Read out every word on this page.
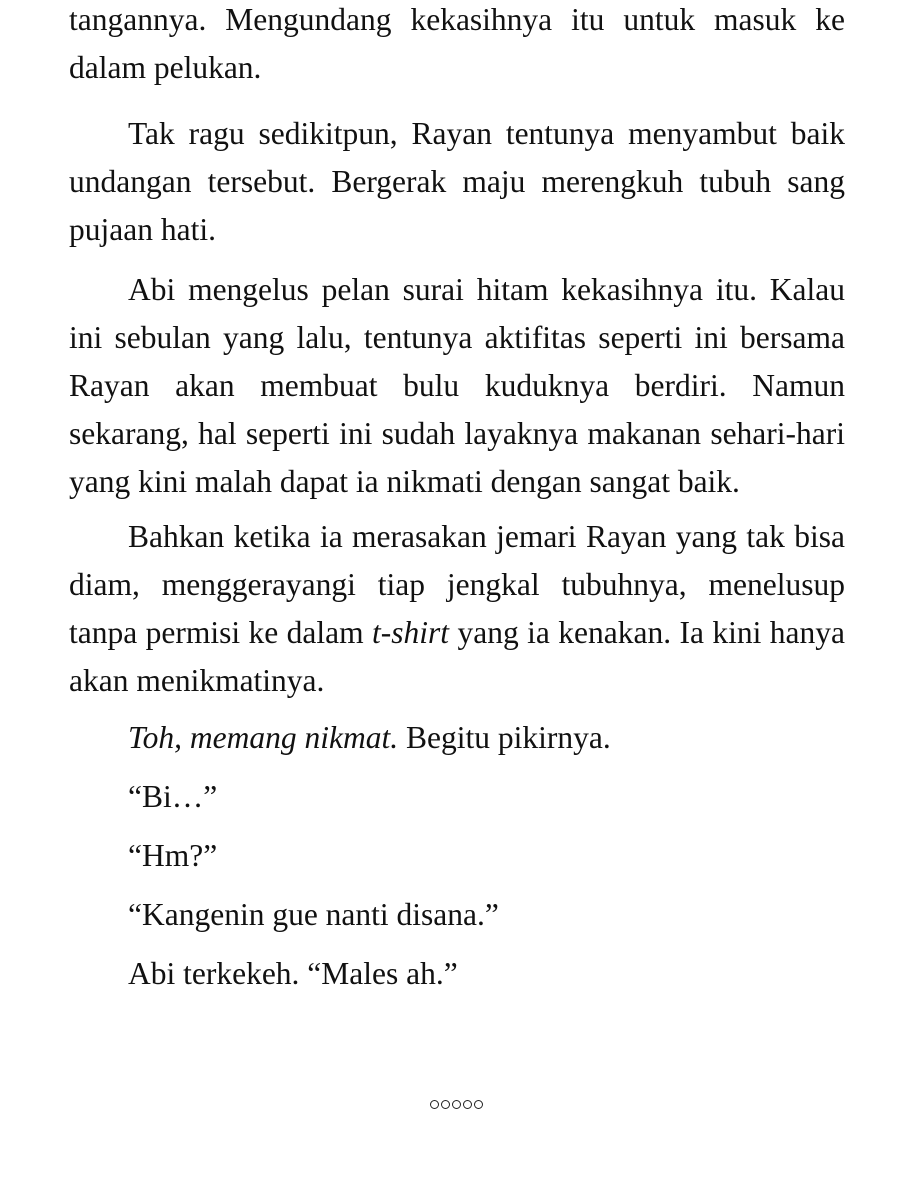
tangannya. Mengundang kekasihnya itu untuk masuk ke dalam pelukan.

Tak ragu sedikitpun, Rayan tentunya menyambut baik undangan tersebut. Bergerak maju merengkuh tubuh sang pujaan hati.

Abi mengelus pelan surai hitam kekasihnya itu. Kalau ini sebulan yang lalu, tentunya aktifitas seperti ini bersama Rayan akan membuat bulu kuduknya berdiri. Namun sekarang, hal seperti ini sudah layaknya makanan sehari-hari yang kini malah dapat ia nikmati dengan sangat baik.

Bahkan ketika ia merasakan jemari Rayan yang tak bisa diam, menggerayangi tiap jengkal tubuhnya, menelusup tanpa permisi ke dalam t-shirt yang ia kenakan. Ia kini hanya akan menikmatinya.

Toh, memang nikmat. Begitu pikirnya.

“Bi…”

“Hm?”

“Kangenin gue nanti disana.”

Abi terkekeh. “Males ah.”
